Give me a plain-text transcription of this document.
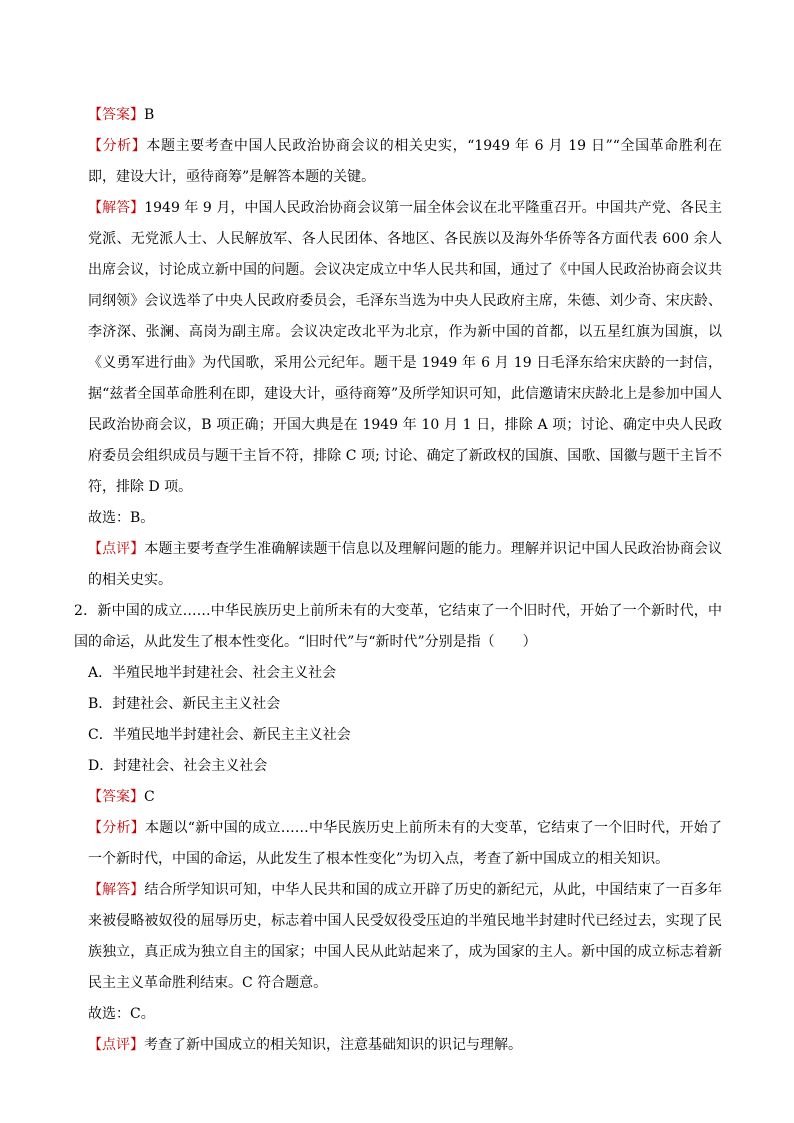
【答案】B

【分析】本题主要考查中国人民政治协商会议的相关史实，“1949 年 6 月 19 日”“全国革命胜利在即，建设大计，亟待商筹”是解答本题的关键。

【解答】1949 年 9 月，中国人民政治协商会议第一届全体会议在北平隆重召开。中国共产党、各民主党派、无党派人士、人民解放军、各人民团体、各地区、各民族以及海外华侨等各方面代表 600 余人出席会议，讨论成立新中国的问题。会议决定成立中华人民共和国，通过了《中国人民政治协商会议共同纲领》会议选举了中央人民政府委员会，毛泽东当选为中央人民政府主席，朱德、刘少奇、宋庆龄、李济深、张澜、高岗为副主席。会议决定改北平为北京，作为新中国的首都，以五星红旗为国旗，以《义勇军进行曲》为代国歌，采用公元纪年。题干是 1949 年 6 月 19 日毛泽东给宋庆龄的一封信，据“兹者全国革命胜利在即，建设大计，亟待商筹”及所学知识可知，此信邀请宋庆龄北上是参加中国人民政治协商会议，B 项正确；开国大典是在 1949 年 10 月 1 日，排除 A 项；讨论、确定中央人民政府委员会组织成员与题干主旨不符，排除 C 项; 讨论、确定了新政权的国旗、国歌、国徽与题干主旨不符，排除 D 项。

故选：B。

【点评】本题主要考查学生准确解读题干信息以及理解问题的能力。理解并识记中国人民政治协商会议的相关史实。

2．新中国的成立……中华民族历史上前所未有的大变革，它结束了一个旧时代，开始了一个新时代，中国的命运，从此发生了根本性变化。“旧时代”与“新时代”分别是指（　　）

A．半殖民地半封建社会、社会主义社会

B．封建社会、新民主主义社会

C．半殖民地半封建社会、新民主主义社会

D．封建社会、社会主义社会

【答案】C

【分析】本题以“新中国的成立……中华民族历史上前所未有的大变革，它结束了一个旧时代，开始了一个新时代，中国的命运，从此发生了根本性变化”为切入点，考查了新中国成立的相关知识。

【解答】结合所学知识可知，中华人民共和国的成立开辟了历史的新纪元，从此，中国结束了一百多年来被侵略被奴役的屈辱历史，标志着中国人民受奴役受压迫的半殖民地半封建时代已经过去，实现了民族独立，真正成为独立自主的国家；中国人民从此站起来了，成为国家的主人。新中国的成立标志着新民主主义革命胜利结束。C 符合题意。

故选：C。

【点评】考查了新中国成立的相关知识，注意基础知识的识记与理解。
